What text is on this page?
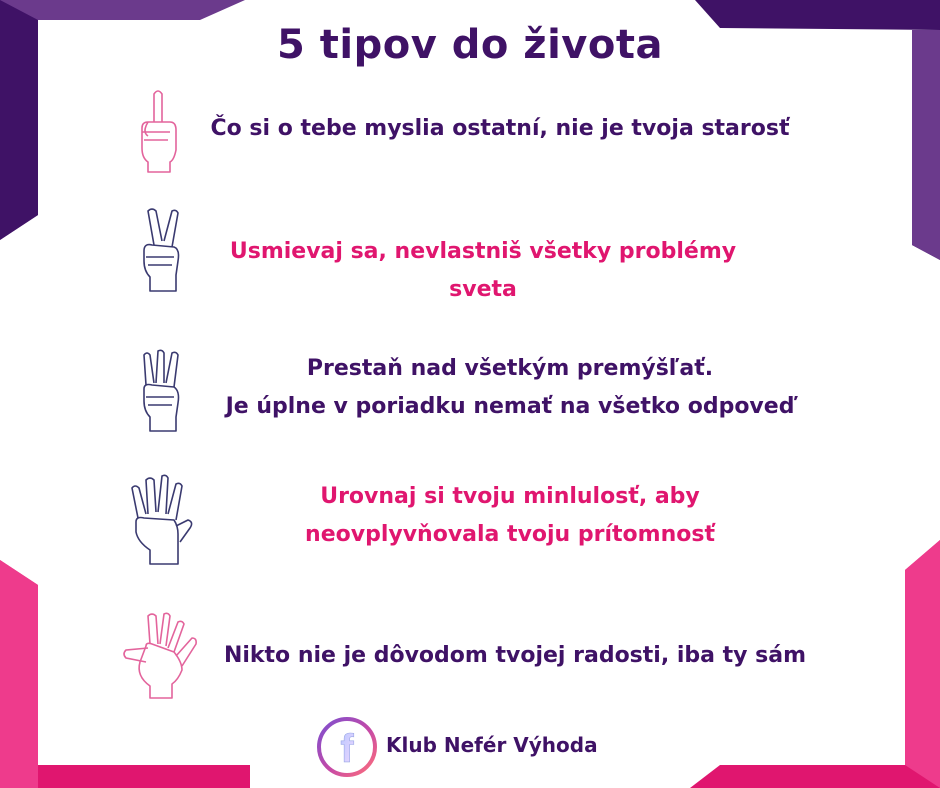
5 tipov do života
Čo si o tebe myslia ostatní, nie je tvoja starosť
Usmievaj sa, nevlastniš všetky problémy
sveta
Prestaň nad všetkým premýšľať.
Je úplne v poriadku nemať na všetko odpoveď
Urovnaj si tvoju minlulosť, aby
neovplyvňovala tvoju prítomnosť
Nikto nie je dôvodom tvojej radosti, iba ty sám
f Klub Nefér Výhoda
